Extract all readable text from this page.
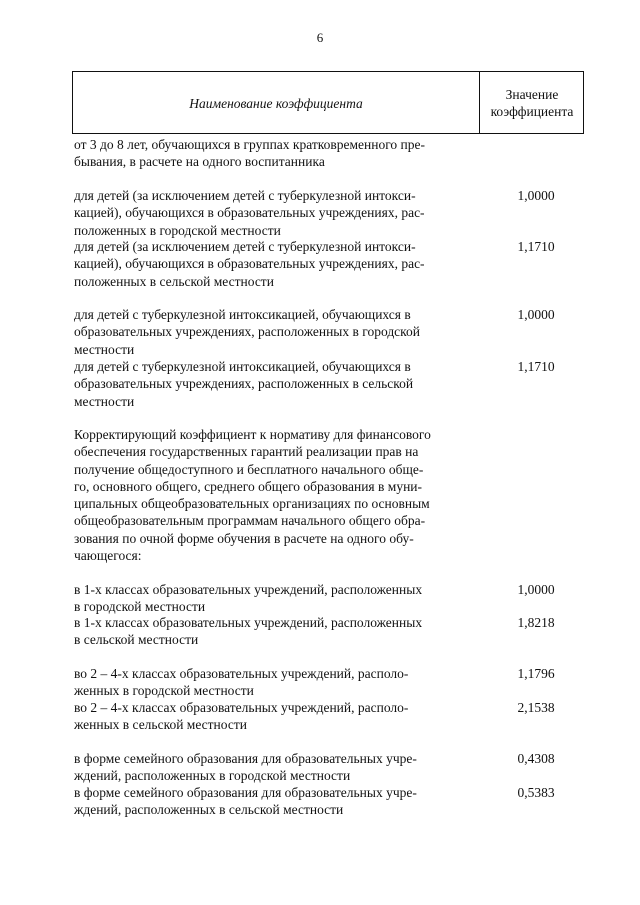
6
Наименование коэффициента
Значение
коэффициента
от 3 до 8 лет, обучающихся в группах кратковременного пре-
бывания, в расчете на одного воспитанника
для детей (за исключением детей с туберкулезной интокси-
кацией), обучающихся в образовательных учреждениях, рас-
положенных в городской местности
1,0000
для детей (за исключением детей с туберкулезной интокси-
кацией), обучающихся в образовательных учреждениях, рас-
положенных в сельской местности
1,1710
для детей с туберкулезной интоксикацией, обучающихся в
образовательных учреждениях, расположенных в городской
местности
1,0000
для детей с туберкулезной интоксикацией, обучающихся в
образовательных учреждениях, расположенных в сельской
местности
1,1710
Корректирующий коэффициент к нормативу для финансового
обеспечения государственных гарантий реализации прав на
получение общедоступного и бесплатного начального обще-
го, основного общего, среднего общего образования в муни-
ципальных общеобразовательных организациях по основным
общеобразовательным программам начального общего обра-
зования по очной форме обучения в расчете на одного обу-
чающегося:
в 1-х классах образовательных учреждений, расположенных
в городской местности
1,0000
в 1-х классах образовательных учреждений, расположенных
в сельской местности
1,8218
во 2 – 4-х классах образовательных учреждений, располо-
женных в городской местности
1,1796
во 2 – 4-х классах образовательных учреждений, располо-
женных в сельской местности
2,1538
в форме семейного образования для образовательных учре-
ждений, расположенных в городской местности
0,4308
в форме семейного образования для образовательных учре-
ждений, расположенных в сельской местности
0,5383
